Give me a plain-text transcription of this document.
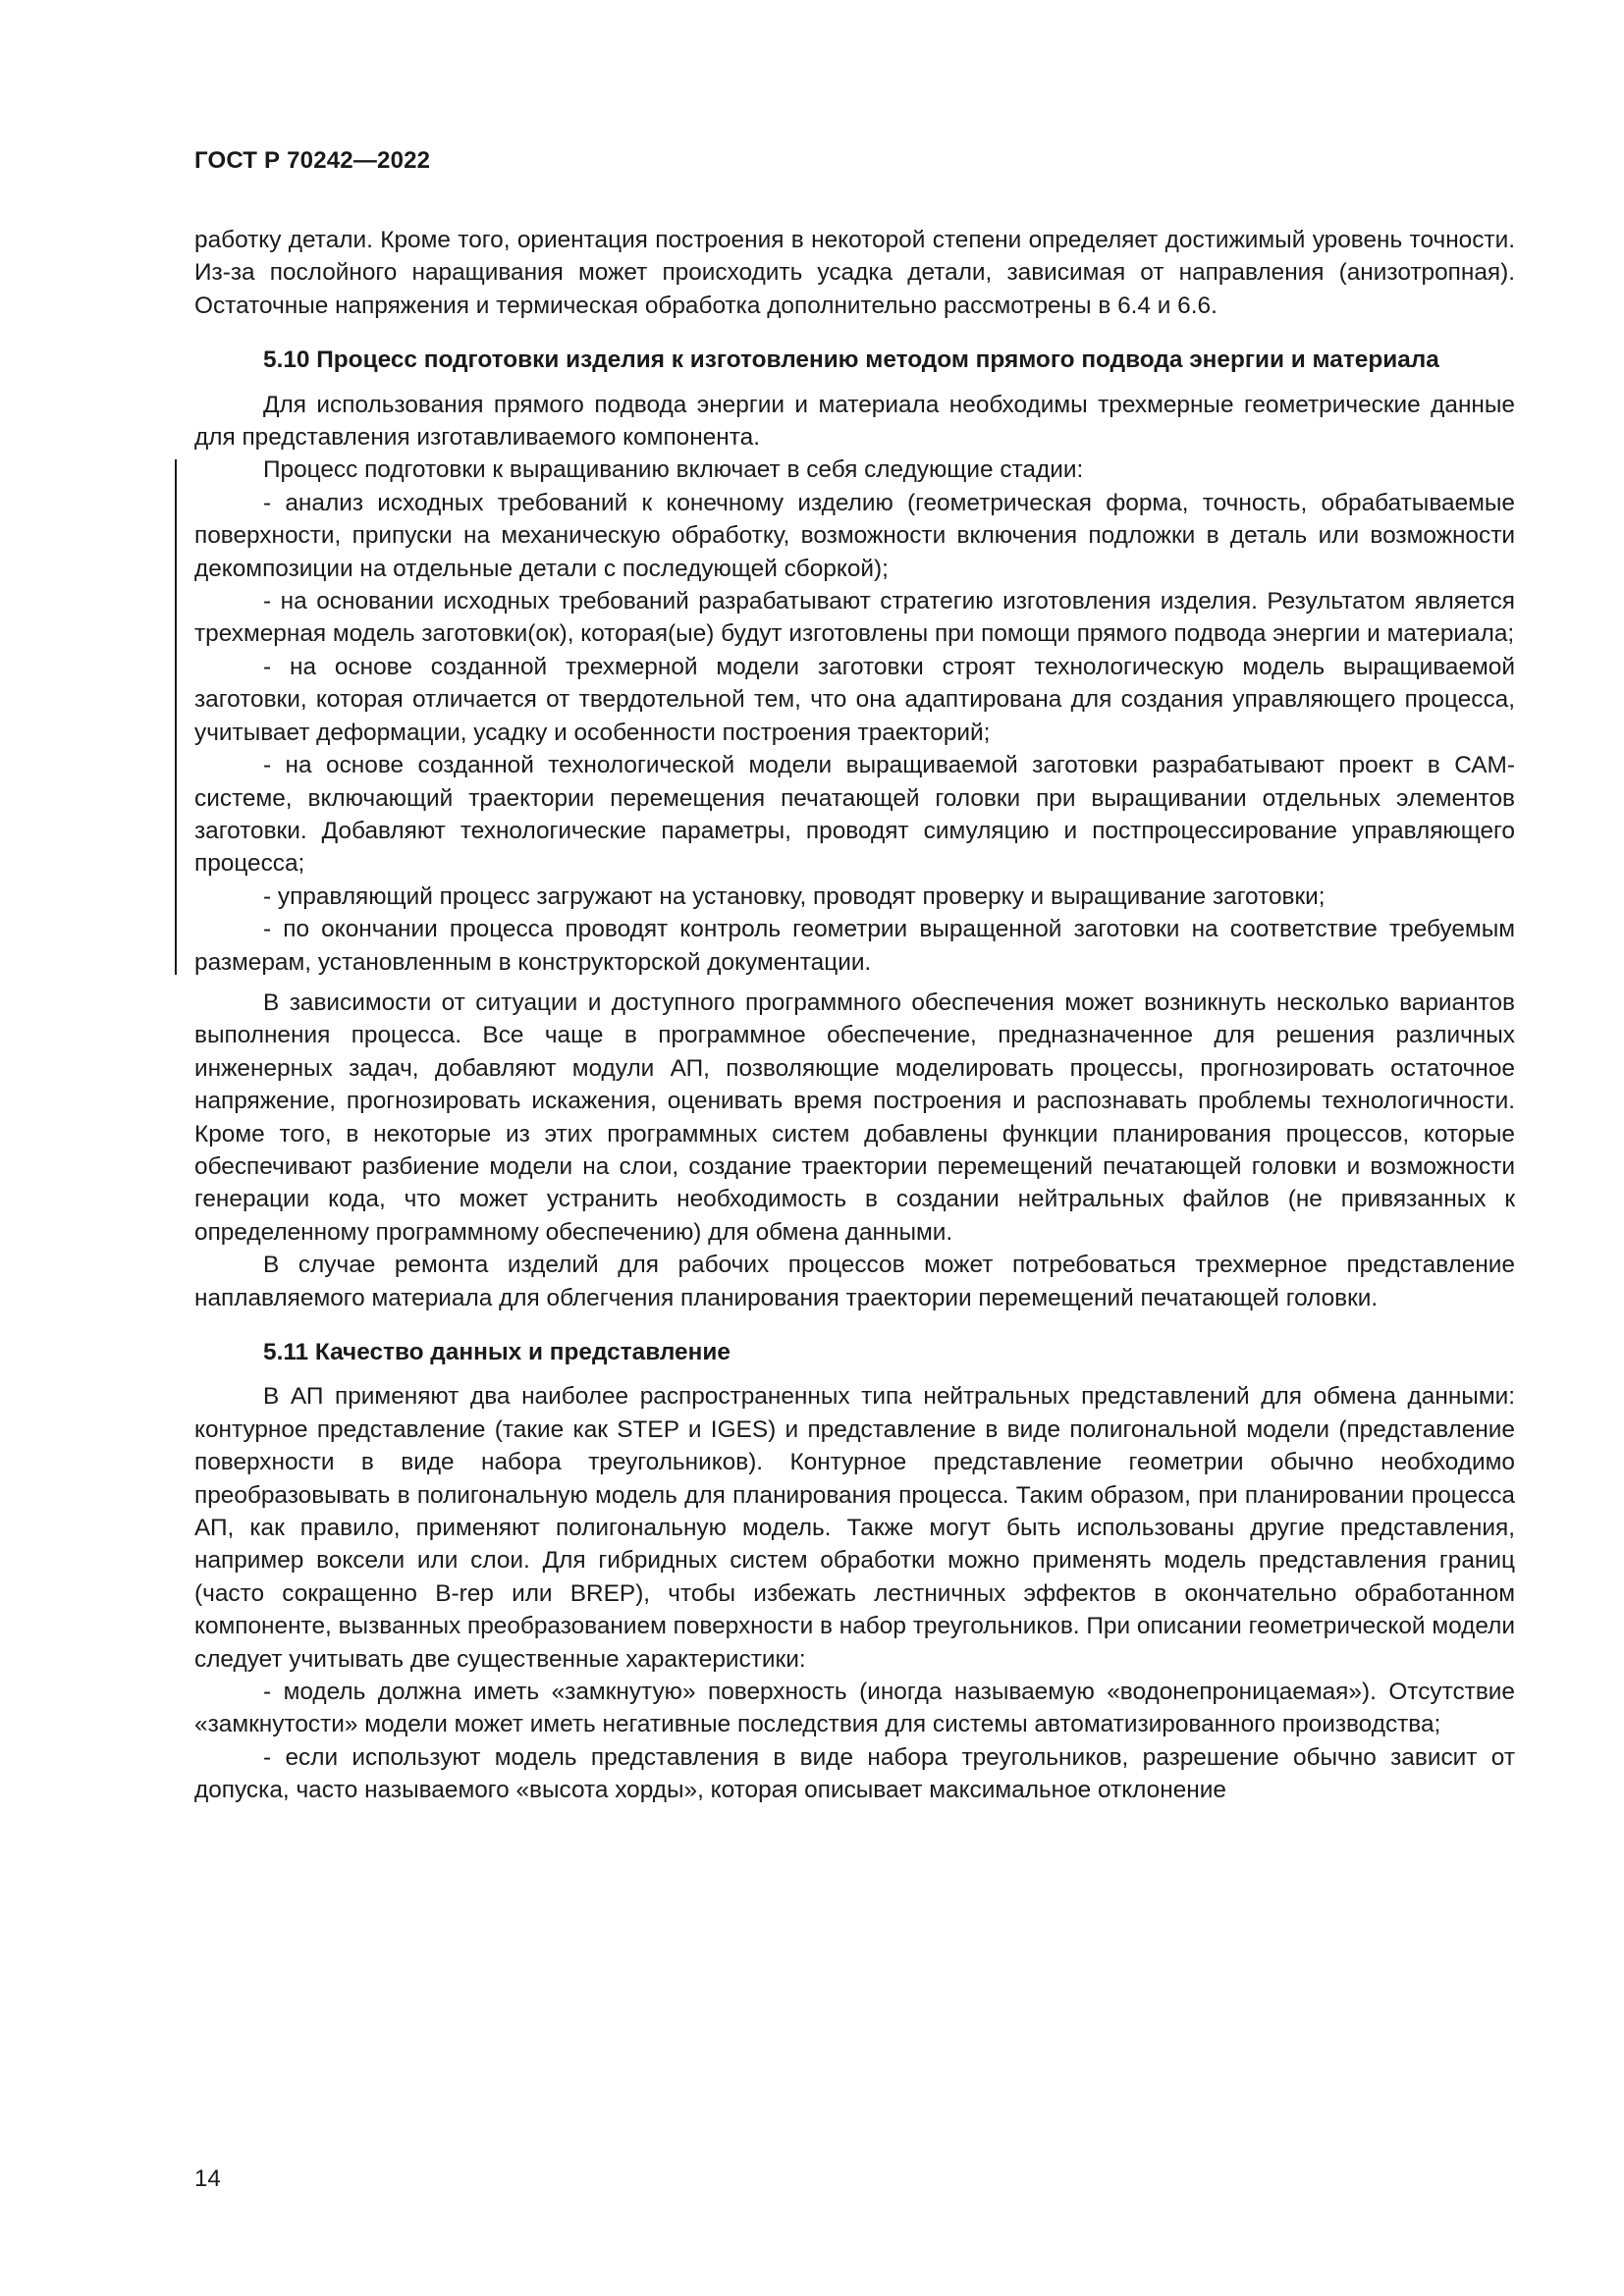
ГОСТ Р 70242—2022

работку детали. Кроме того, ориентация построения в некоторой степени определяет достижимый уровень точности. Из-за послойного наращивания может происходить усадка детали, зависимая от направления (анизотропная). Остаточные напряжения и термическая обработка дополнительно рассмотрены в 6.4 и 6.6.

5.10 Процесс подготовки изделия к изготовлению методом прямого подвода энергии и материала

Для использования прямого подвода энергии и материала необходимы трехмерные геометрические данные для представления изготавливаемого компонента.

Процесс подготовки к выращиванию включает в себя следующие стадии:

- анализ исходных требований к конечному изделию (геометрическая форма, точность, обрабатываемые поверхности, припуски на механическую обработку, возможности включения подложки в деталь или возможности декомпозиции на отдельные детали с последующей сборкой);

- на основании исходных требований разрабатывают стратегию изготовления изделия. Результатом является трехмерная модель заготовки(ок), которая(ые) будут изготовлены при помощи прямого подвода энергии и материала;

- на основе созданной трехмерной модели заготовки строят технологическую модель выращиваемой заготовки, которая отличается от твердотельной тем, что она адаптирована для создания управляющего процесса, учитывает деформации, усадку и особенности построения траекторий;

- на основе созданной технологической модели выращиваемой заготовки разрабатывают проект в САМ-системе, включающий траектории перемещения печатающей головки при выращивании отдельных элементов заготовки. Добавляют технологические параметры, проводят симуляцию и постпроцессирование управляющего процесса;

- управляющий процесс загружают на установку, проводят проверку и выращивание заготовки;

- по окончании процесса проводят контроль геометрии выращенной заготовки на соответствие требуемым размерам, установленным в конструкторской документации.

В зависимости от ситуации и доступного программного обеспечения может возникнуть несколько вариантов выполнения процесса. Все чаще в программное обеспечение, предназначенное для решения различных инженерных задач, добавляют модули АП, позволяющие моделировать процессы, прогнозировать остаточное напряжение, прогнозировать искажения, оценивать время построения и распознавать проблемы технологичности. Кроме того, в некоторые из этих программных систем добавлены функции планирования процессов, которые обеспечивают разбиение модели на слои, создание траектории перемещений печатающей головки и возможности генерации кода, что может устранить необходимость в создании нейтральных файлов (не привязанных к определенному программному обеспечению) для обмена данными.

В случае ремонта изделий для рабочих процессов может потребоваться трехмерное представление наплавляемого материала для облегчения планирования траектории перемещений печатающей головки.

5.11 Качество данных и представление

В АП применяют два наиболее распространенных типа нейтральных представлений для обмена данными: контурное представление (такие как STEP и IGES) и представление в виде полигональной модели (представление поверхности в виде набора треугольников). Контурное представление геометрии обычно необходимо преобразовывать в полигональную модель для планирования процесса. Таким образом, при планировании процесса АП, как правило, применяют полигональную модель. Также могут быть использованы другие представления, например воксели или слои. Для гибридных систем обработки можно применять модель представления границ (часто сокращенно B-rep или BREP), чтобы избежать лестничных эффектов в окончательно обработанном компоненте, вызванных преобразованием поверхности в набор треугольников. При описании геометрической модели следует учитывать две существенные характеристики:

- модель должна иметь «замкнутую» поверхность (иногда называемую «водонепроницаемая»). Отсутствие «замкнутости» модели может иметь негативные последствия для системы автоматизированного производства;

- если используют модель представления в виде набора треугольников, разрешение обычно зависит от допуска, часто называемого «высота хорды», которая описывает максимальное отклонение

14
